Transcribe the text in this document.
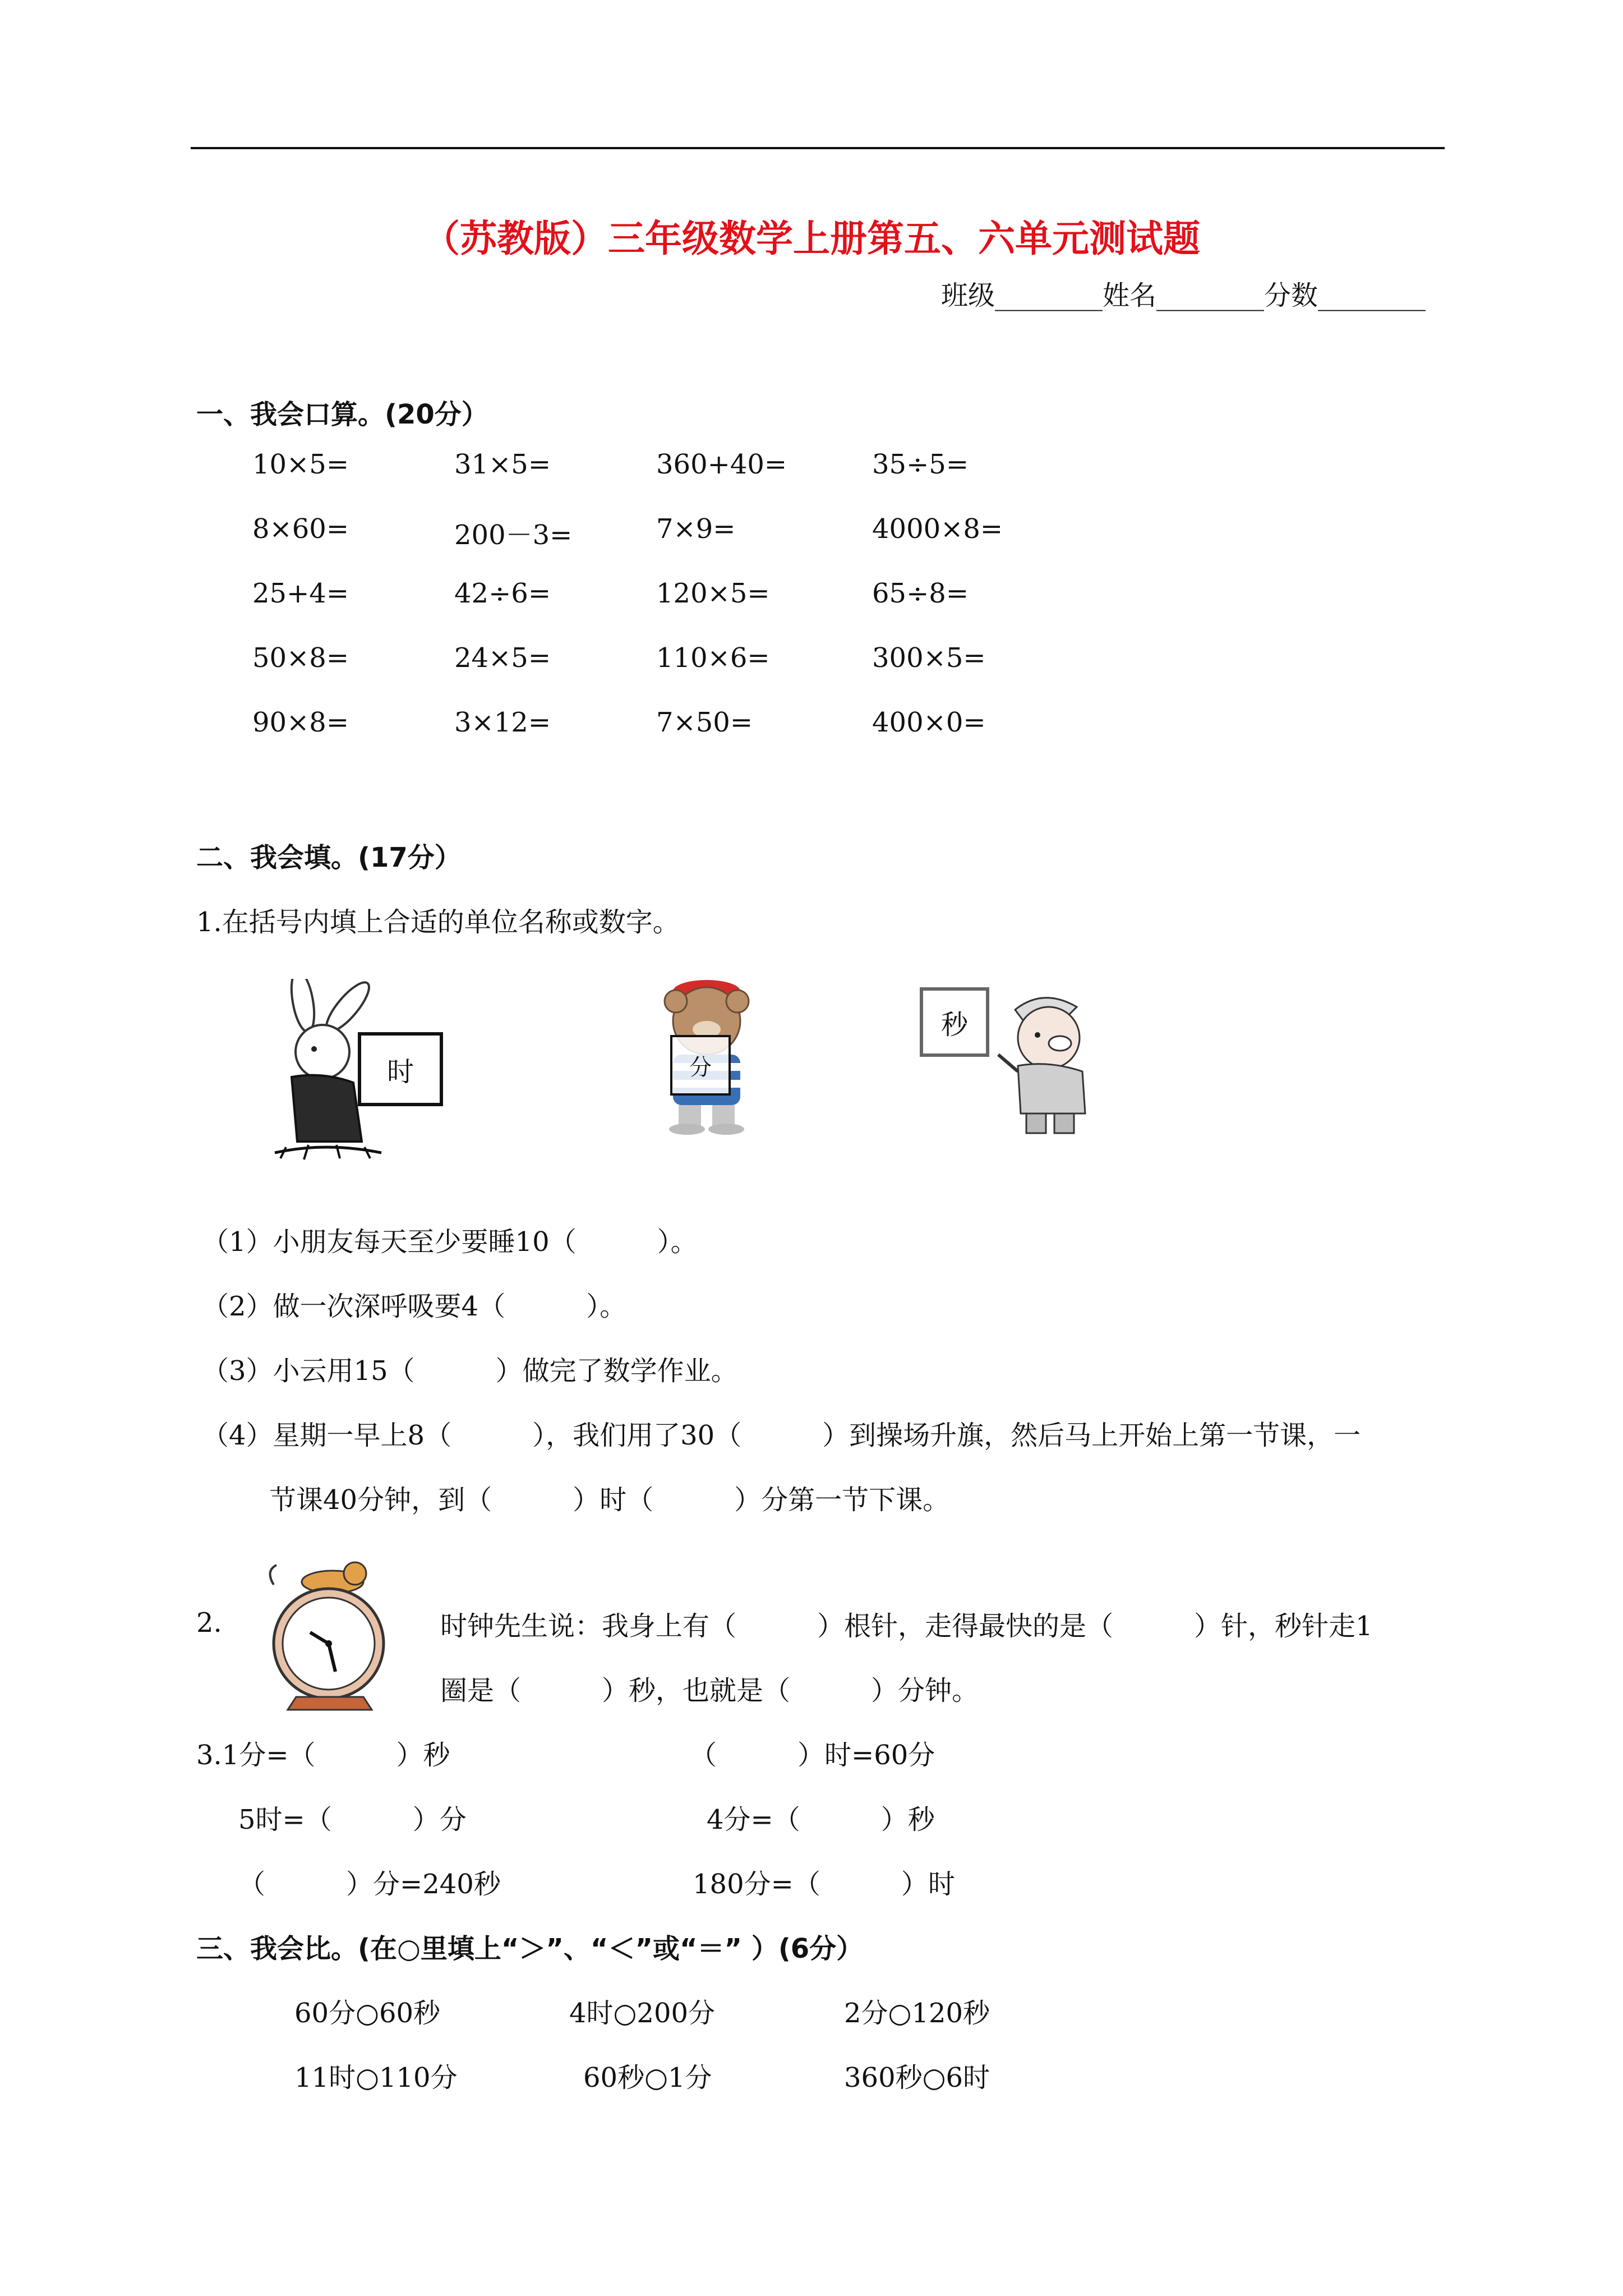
（苏教版）三年级数学上册第五、六单元测试题
班级________姓名________分数________
一、我会口算。(20分）
10×5=	31×5=	360+40=	35÷5=
8×60=	200－3=	7×9=	4000×8=
25+4=	42÷6=	120×5=	65÷8=
50×8=	24×5=	110×6=	300×5=
90×8=	3×12=	7×50=	400×0=
二、我会填。(17分）
1.在括号内填上合适的单位名称或数字。
时	分
秒
（1）小朋友每天至少要睡10（　　　）。
（2）做一次深呼吸要4（　　　）。
（3）小云用15（　　　）做完了数学作业。
（4）星期一早上8（　　　），我们用了30（　　　）到操场升旗，然后马上开始上第一节课，一
节课40分钟，到（　　　）时（　　　）分第一节下课。
2.	时钟先生说：我身上有（　　　）根针，走得最快的是（　　　）针，秒针走1
圈是（　　　）秒，也就是（　　　）分钟。
3.1分=（　　　）秒	（　　　）时=60分
5时=（　　　）分	4分=（　　　）秒
（　　　）分=240秒	180分=（　　　）时
三、我会比。(在○里填上“＞”、“＜”或“＝” ）(6分）
60分○60秒	4时○200分	2分○120秒
11时○110分	60秒○1分	360秒○6时
